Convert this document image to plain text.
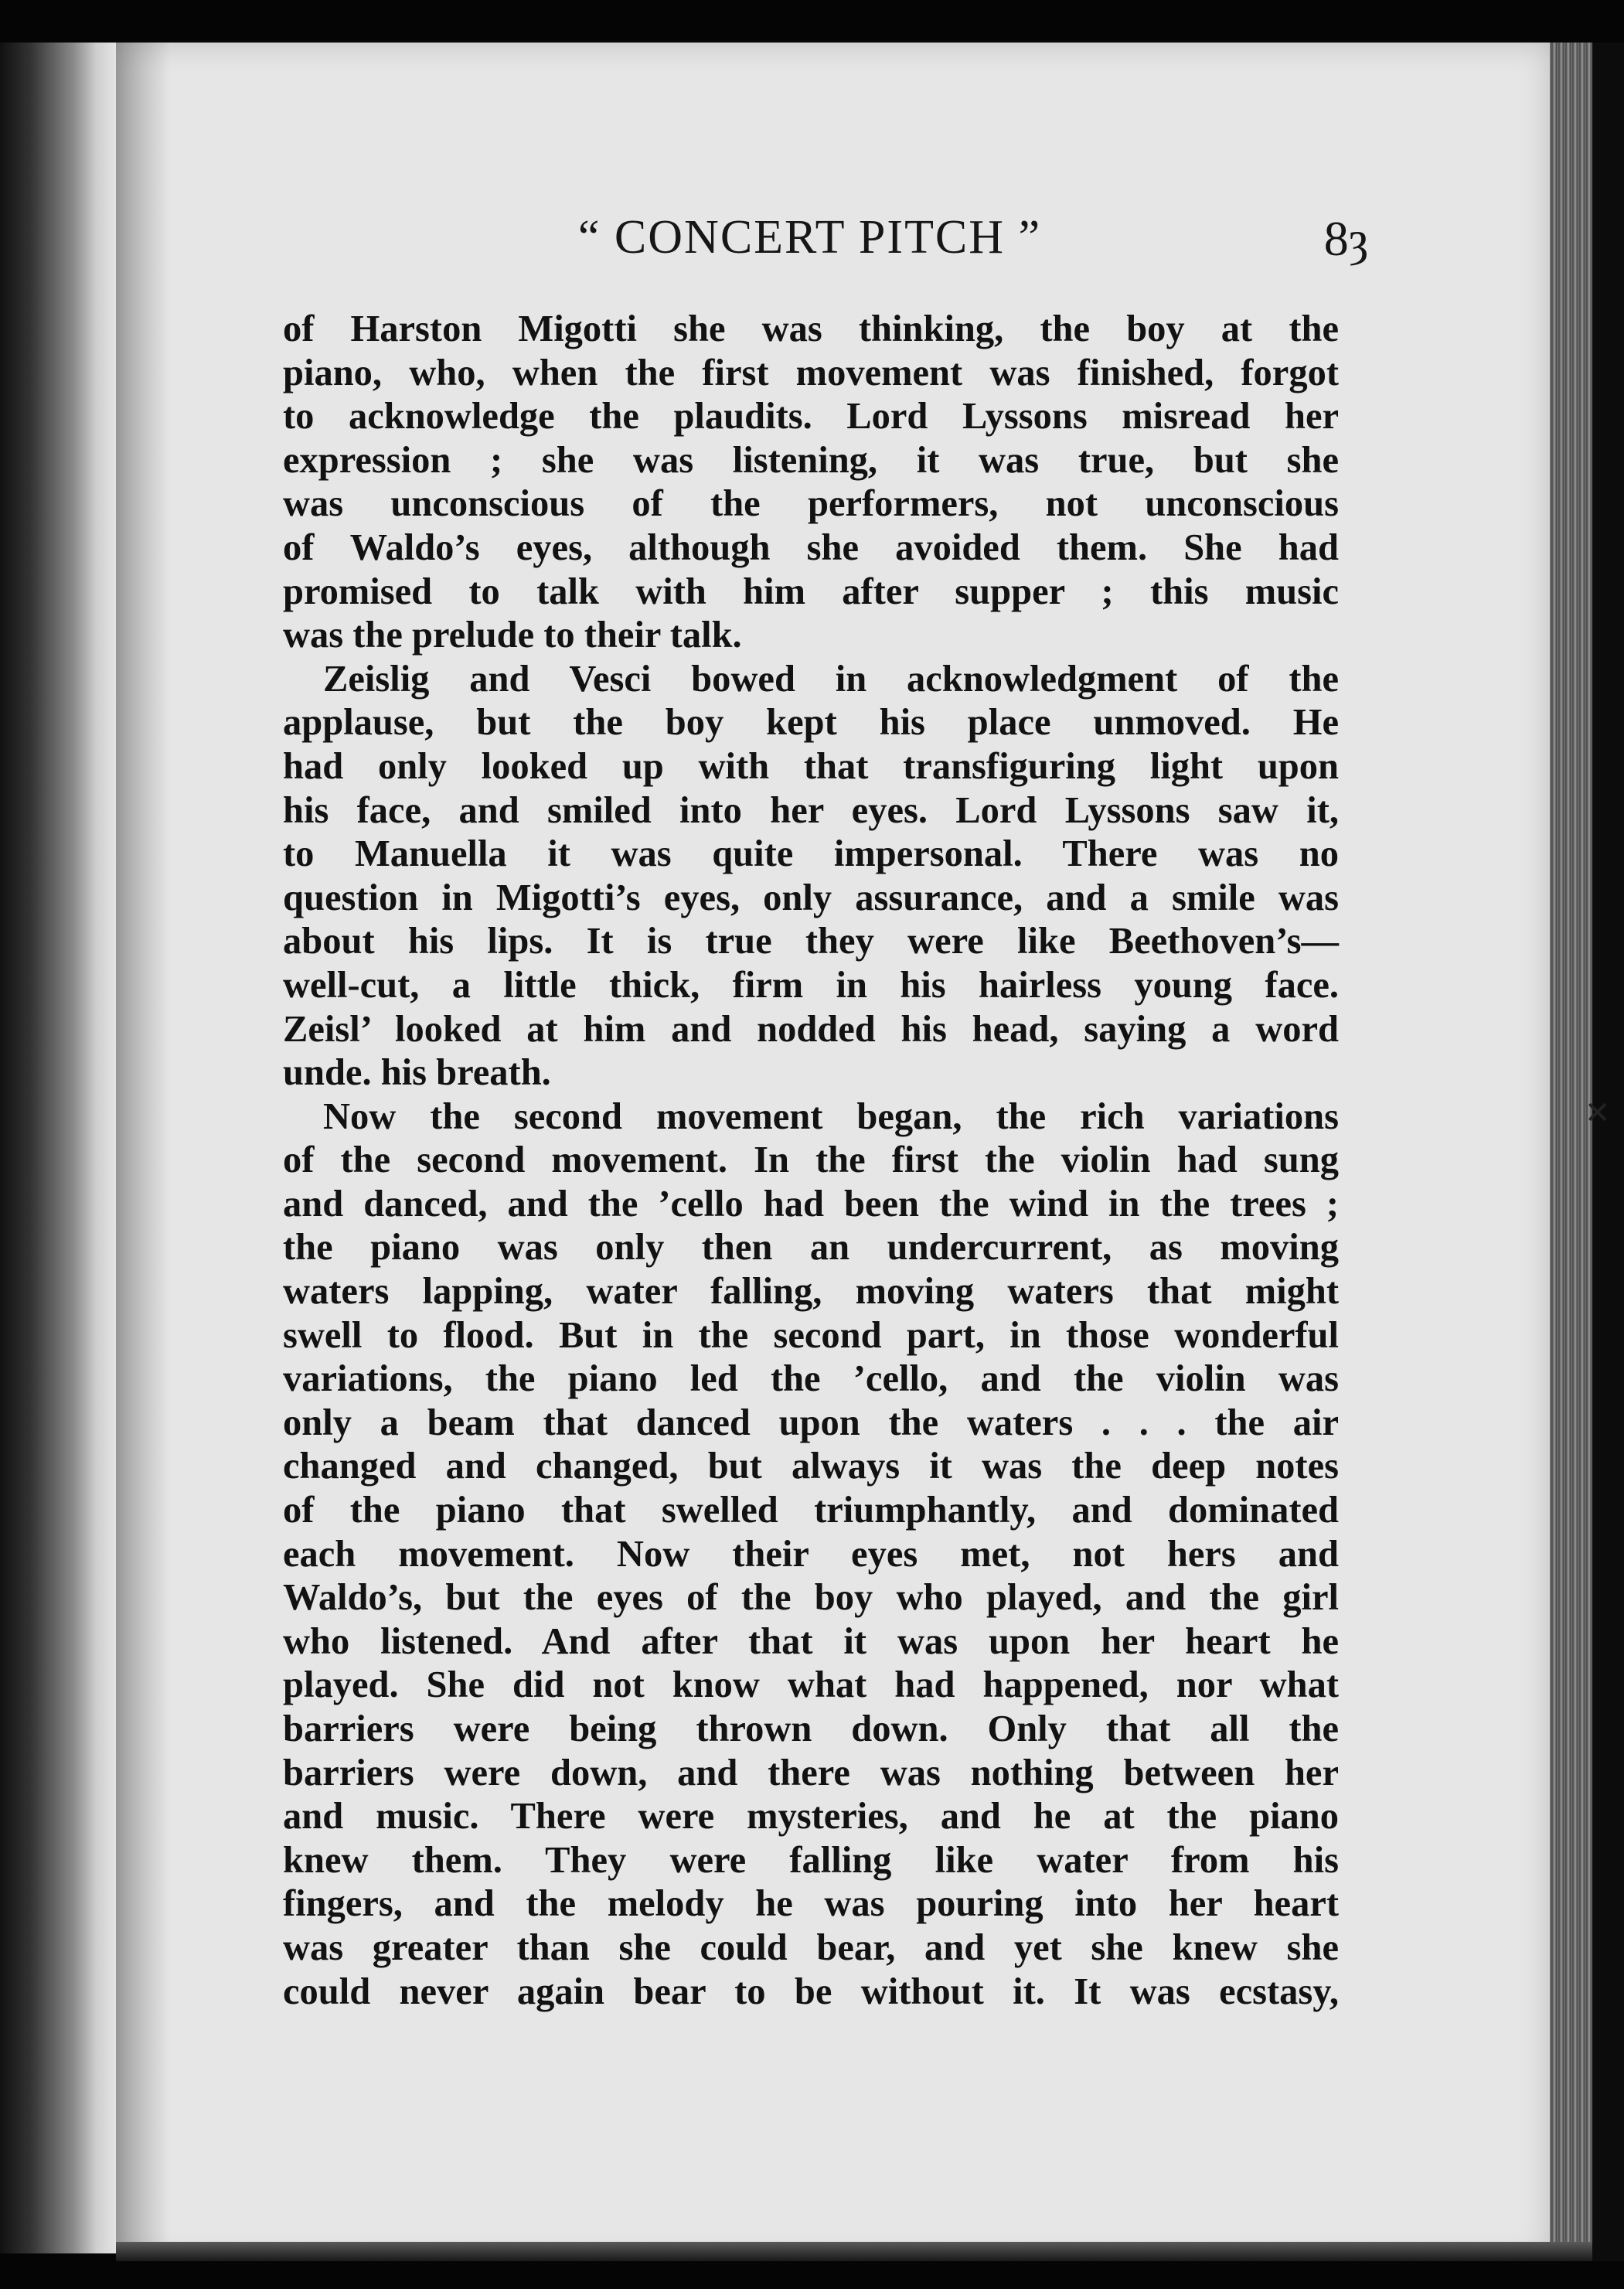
“ CONCERT PITCH ”	8ȝ
of Harston Migotti she was thinking, the boy at the
piano, who, when the first movement was finished, forgot
to acknowledge the plaudits. Lord Lyssons misread her
expression ; she was listening, it was true, but she
was unconscious of the performers, not unconscious
of Waldo’s eyes, although she avoided them. She had
promised to talk with him after supper ; this music
was the prelude to their talk.
Zeislig and Vesci bowed in acknowledgment of the
applause, but the boy kept his place unmoved. He
had only looked up with that transfiguring light upon
his face, and smiled into her eyes. Lord Lyssons saw it,
to Manuella it was quite impersonal. There was no
question in Migotti’s eyes, only assurance, and a smile was
about his lips. It is true they were like Beethoven’s—
well-cut, a little thick, firm in his hairless young face.
Zeisl’ looked at him and nodded his head, saying a word
unde. his breath.
Now the second movement began, the rich variations
of the second movement. In the first the violin had sung
and danced, and the ’cello had been the wind in the trees ;
the piano was only then an undercurrent, as moving
waters lapping, water falling, moving waters that might
swell to flood. But in the second part, in those wonderful
variations, the piano led the ’cello, and the violin was
only a beam that danced upon the waters . . . the air
changed and changed, but always it was the deep notes
of the piano that swelled triumphantly, and dominated
each movement. Now their eyes met, not hers and
Waldo’s, but the eyes of the boy who played, and the girl
who listened. And after that it was upon her heart he
played. She did not know what had happened, nor what
barriers were being thrown down. Only that all the
barriers were down, and there was nothing between her
and music. There were mysteries, and he at the piano
knew them. They were falling like water from his
fingers, and the melody he was pouring into her heart
was greater than she could bear, and yet she knew she
could never again bear to be without it. It was ecstasy,
✕
